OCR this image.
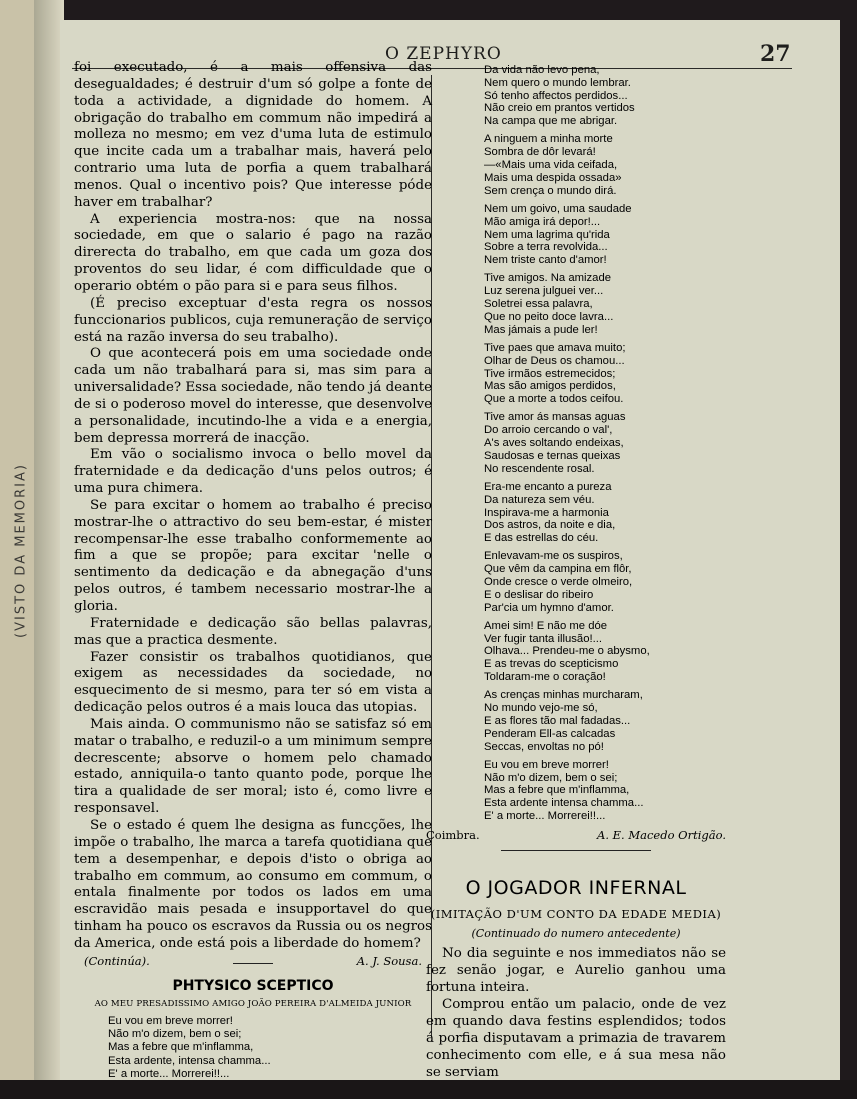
(VISTO DA MEMORIA)
O ZEPHYRO	27

foi executado, é a mais offensiva das desegualdades; é destruir d'um só golpe a fonte de toda a actividade, a dignidade do homem. A obrigação do trabalho em commum não impedirá a molleza no mesmo; em vez d'uma luta de estimulo que incite cada um a trabalhar mais, haverá pelo contrario uma luta de porfia a quem trabalhará menos. Qual o incentivo pois? Que interesse póde haver em trabalhar?

A experiencia mostra-nos: que na nossa sociedade, em que o salario é pago na razão direrecta do trabalho, em que cada um goza dos proventos do seu lidar, é com difficuldade que o operario obtém o pão para si e para seus filhos.

(É preciso exceptuar d'esta regra os nossos funccionarios publicos, cuja remuneração de serviço está na razão inversa do seu trabalho).

O que acontecerá pois em uma sociedade onde cada um não trabalhará para si, mas sim para a universalidade? Essa sociedade, não tendo já deante de si o poderoso movel do interesse, que desenvolve a personalidade, incutindo-lhe a vida e a energia, bem depressa morrerá de inacção.

Em vão o socialismo invoca o bello movel da fraternidade e da dedicação d'uns pelos outros; é uma pura chimera.

Se para excitar o homem ao trabalho é preciso mostrar-lhe o attractivo do seu bem-estar, é mister recompensar-lhe esse trabalho conformemente ao fim a que se propõe; para excitar 'nelle o sentimento da dedicação e da abnegação d'uns pelos outros, é tambem necessario mostrar-lhe a gloria.

Fraternidade e dedicação são bellas palavras, mas que a practica desmente.

Fazer consistir os trabalhos quotidianos, que exigem as necessidades da sociedade, no esquecimento de si mesmo, para ter só em vista a dedicação pelos outros é a mais louca das utopias.

Mais ainda. O communismo não se satisfaz só em matar o trabalho, e reduzil-o a um minimum sempre decrescente; absorve o homem pelo chamado estado, anniquila-o tanto quanto pode, porque lhe tira a qualidade de ser moral; isto é, como livre e responsavel.

Se o estado é quem lhe designa as funcções, lhe impõe o trabalho, lhe marca a tarefa quotidiana que tem a desempenhar, e depois d'isto o obriga ao trabalho em commum, ao consumo em commum, o entala finalmente por todos os lados em uma escravidão mais pesada e insupportavel do que tinham ha pouco os escravos da Russia ou os negros da America, onde está pois a liberdade do homem?

(Continúa).	A. J. Sousa.
PHTYSICO SCEPTICO
AO MEU PRESADISSIMO AMIGO JOÃO PEREIRA D'ALMEIDA JUNIOR
Eu vou em breve morrer!
Não m'o dizem, bem o sei;
Mas a febre que m'inflamma,
Esta ardente, intensa chamma...
E' a morte... Morrerei!!...
Da vida não levo pena,
Nem quero o mundo lembrar.
Só tenho affectos perdidos...
Não creio em prantos vertidos
Na campa que me abrigar.
A ninguem a minha morte
Sombra de dôr levará!
—«Mais uma vida ceifada,
Mais uma despida ossada»
Sem crença o mundo dirá.
Nem um goivo, uma saudade
Mão amiga irá depor!...
Nem uma lagrima qu'rida
Sobre a terra revolvida...
Nem triste canto d'amor!
Tive amigos. Na amizade
Luz serena julguei ver...
Soletrei essa palavra,
Que no peito doce lavra...
Mas jámais a pude ler!
Tive paes que amava muito;
Olhar de Deus os chamou...
Tive irmãos estremecidos;
Mas são amigos perdidos,
Que a morte a todos ceifou.
Tive amor ás mansas aguas
Do arroio cercando o val',
A's aves soltando endeixas,
Saudosas e ternas queixas
No rescendente rosal.
Era-me encanto a pureza
Da natureza sem véu.
Inspirava-me a harmonia
Dos astros, da noite e dia,
E das estrellas do céu.
Enlevavam-me os suspiros,
Que vêm da campina em flôr,
Onde cresce o verde olmeiro,
E o deslisar do ribeiro
Par'cia um hymno d'amor.
Amei sim! E não me dóe
Ver fugir tanta illusão!...
Olhava... Prendeu-me o abysmo,
E as trevas do scepticismo
Toldaram-me o coração!
As crenças minhas murcharam,
No mundo vejo-me só,
E as flores tão mal fadadas...
Penderam Ell-as calcadas
Seccas, envoltas no pó!
Eu vou em breve morrer!
Não m'o dizem, bem o sei;
Mas a febre que m'inflamma,
Esta ardente intensa chamma...
E' a morte... Morrerei!!...
Coimbra.	A. E. Macedo Ortigão.
O JOGADOR INFERNAL
(IMITAÇÃO D'UM CONTO DA EDADE MEDIA)
(Continuado do numero antecedente)

No dia seguinte e nos immediatos não se fez senão jogar, e Aurelio ganhou uma fortuna inteira.

Comprou então um palacio, onde de vez em quando dava festins esplendidos; todos á porfia disputavam a primazia de travarem conhecimento com elle, e á sua mesa não se serviam
